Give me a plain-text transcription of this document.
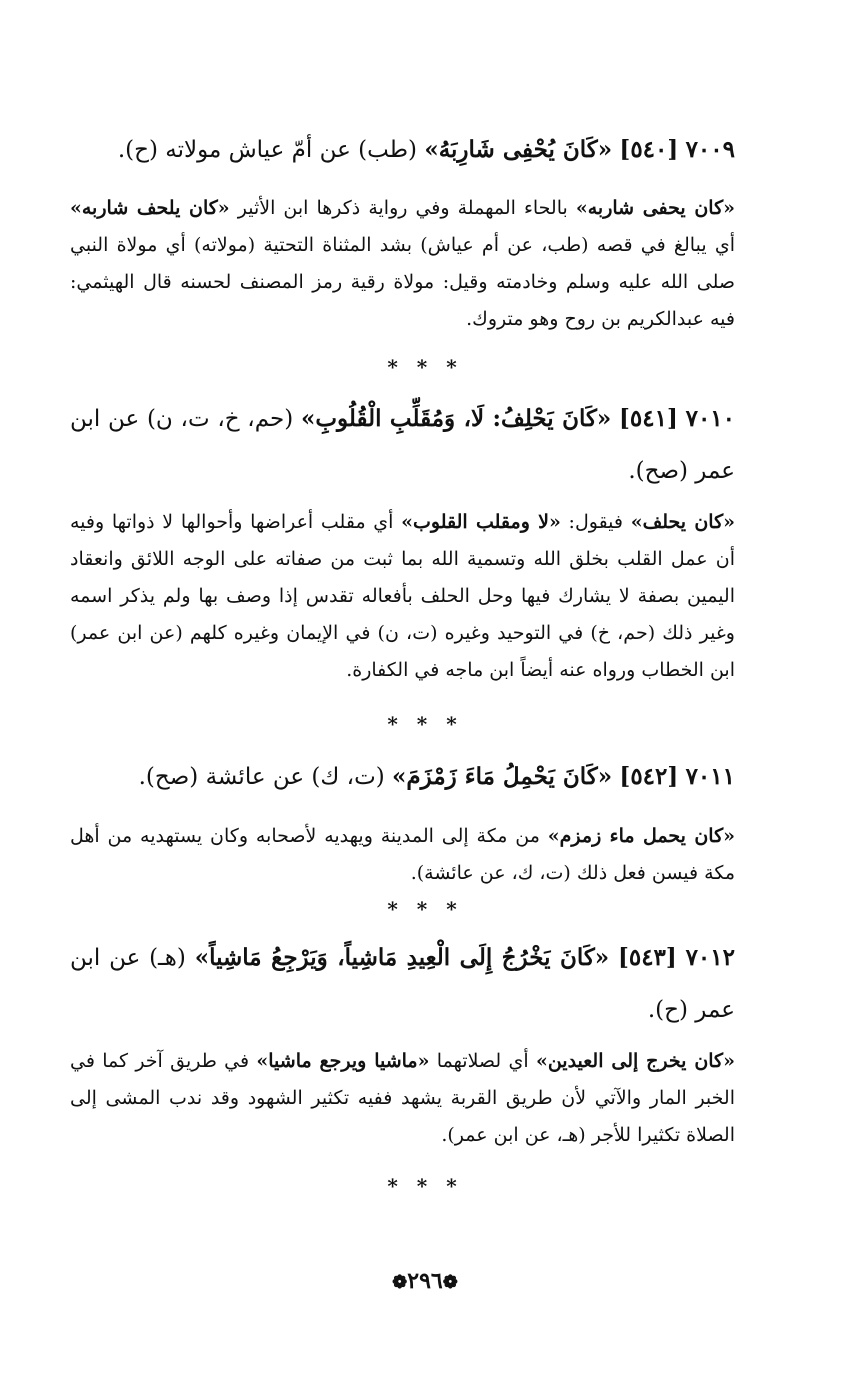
٧٠٠٩ [٥٤٠] «كَانَ يُحْفِى شَارِبَهُ» (طب) عن أمّ عياش مولاته (ح).
«كان يحفى شاربه» بالحاء المهملة وفي رواية ذكرها ابن الأثير «كان يلحف شاربه» أي يبالغ في قصه (طب، عن أم عياش) بشد المثناة التحتية (مولاته) أي مولاة النبي صلى الله عليه وسلم وخادمته وقيل: مولاة رقية رمز المصنف لحسنه قال الهيثمي: فيه عبدالكريم بن روح وهو متروك.
* * *
٧٠١٠ [٥٤١] «كَانَ يَحْلِفُ: لَا، وَمُقَلِّبِ الْقُلُوبِ» (حم، خ، ت، ن) عن ابن عمر (صح).
«كان يحلف» فيقول: «لا ومقلب القلوب» أي مقلب أعراضها وأحوالها لا ذواتها وفيه أن عمل القلب بخلق الله وتسمية الله بما ثبت من صفاته على الوجه اللائق وانعقاد اليمين بصفة لا يشارك فيها وحل الحلف بأفعاله تقدس إذا وصف بها ولم يذكر اسمه وغير ذلك (حم، خ) في التوحيد وغيره (ت، ن) في الإيمان وغيره كلهم (عن ابن عمر) ابن الخطاب ورواه عنه أيضاً ابن ماجه في الكفارة.
* * *
٧٠١١ [٥٤٢] «كَانَ يَحْمِلُ مَاءَ زَمْزَمَ» (ت، ك) عن عائشة (صح).
«كان يحمل ماء زمزم» من مكة إلى المدينة ويهديه لأصحابه وكان يستهديه من أهل مكة فيسن فعل ذلك (ت، ك، عن عائشة).
* * *
٧٠١٢ [٥٤٣] «كَانَ يَخْرُجُ إِلَى الْعِيدِ مَاشِياً، وَيَرْجِعُ مَاشِياً» (هـ) عن ابن عمر (ح).
«كان يخرج إلى العيدين» أي لصلاتهما «ماشيا ويرجع ماشيا» في طريق آخر كما في الخبر المار والآتي لأن طريق القربة يشهد ففيه تكثير الشهود وقد ندب المشى إلى الصلاة تكثيرا للأجر (هـ، عن ابن عمر).
* * *
❁٢٩٦❁
